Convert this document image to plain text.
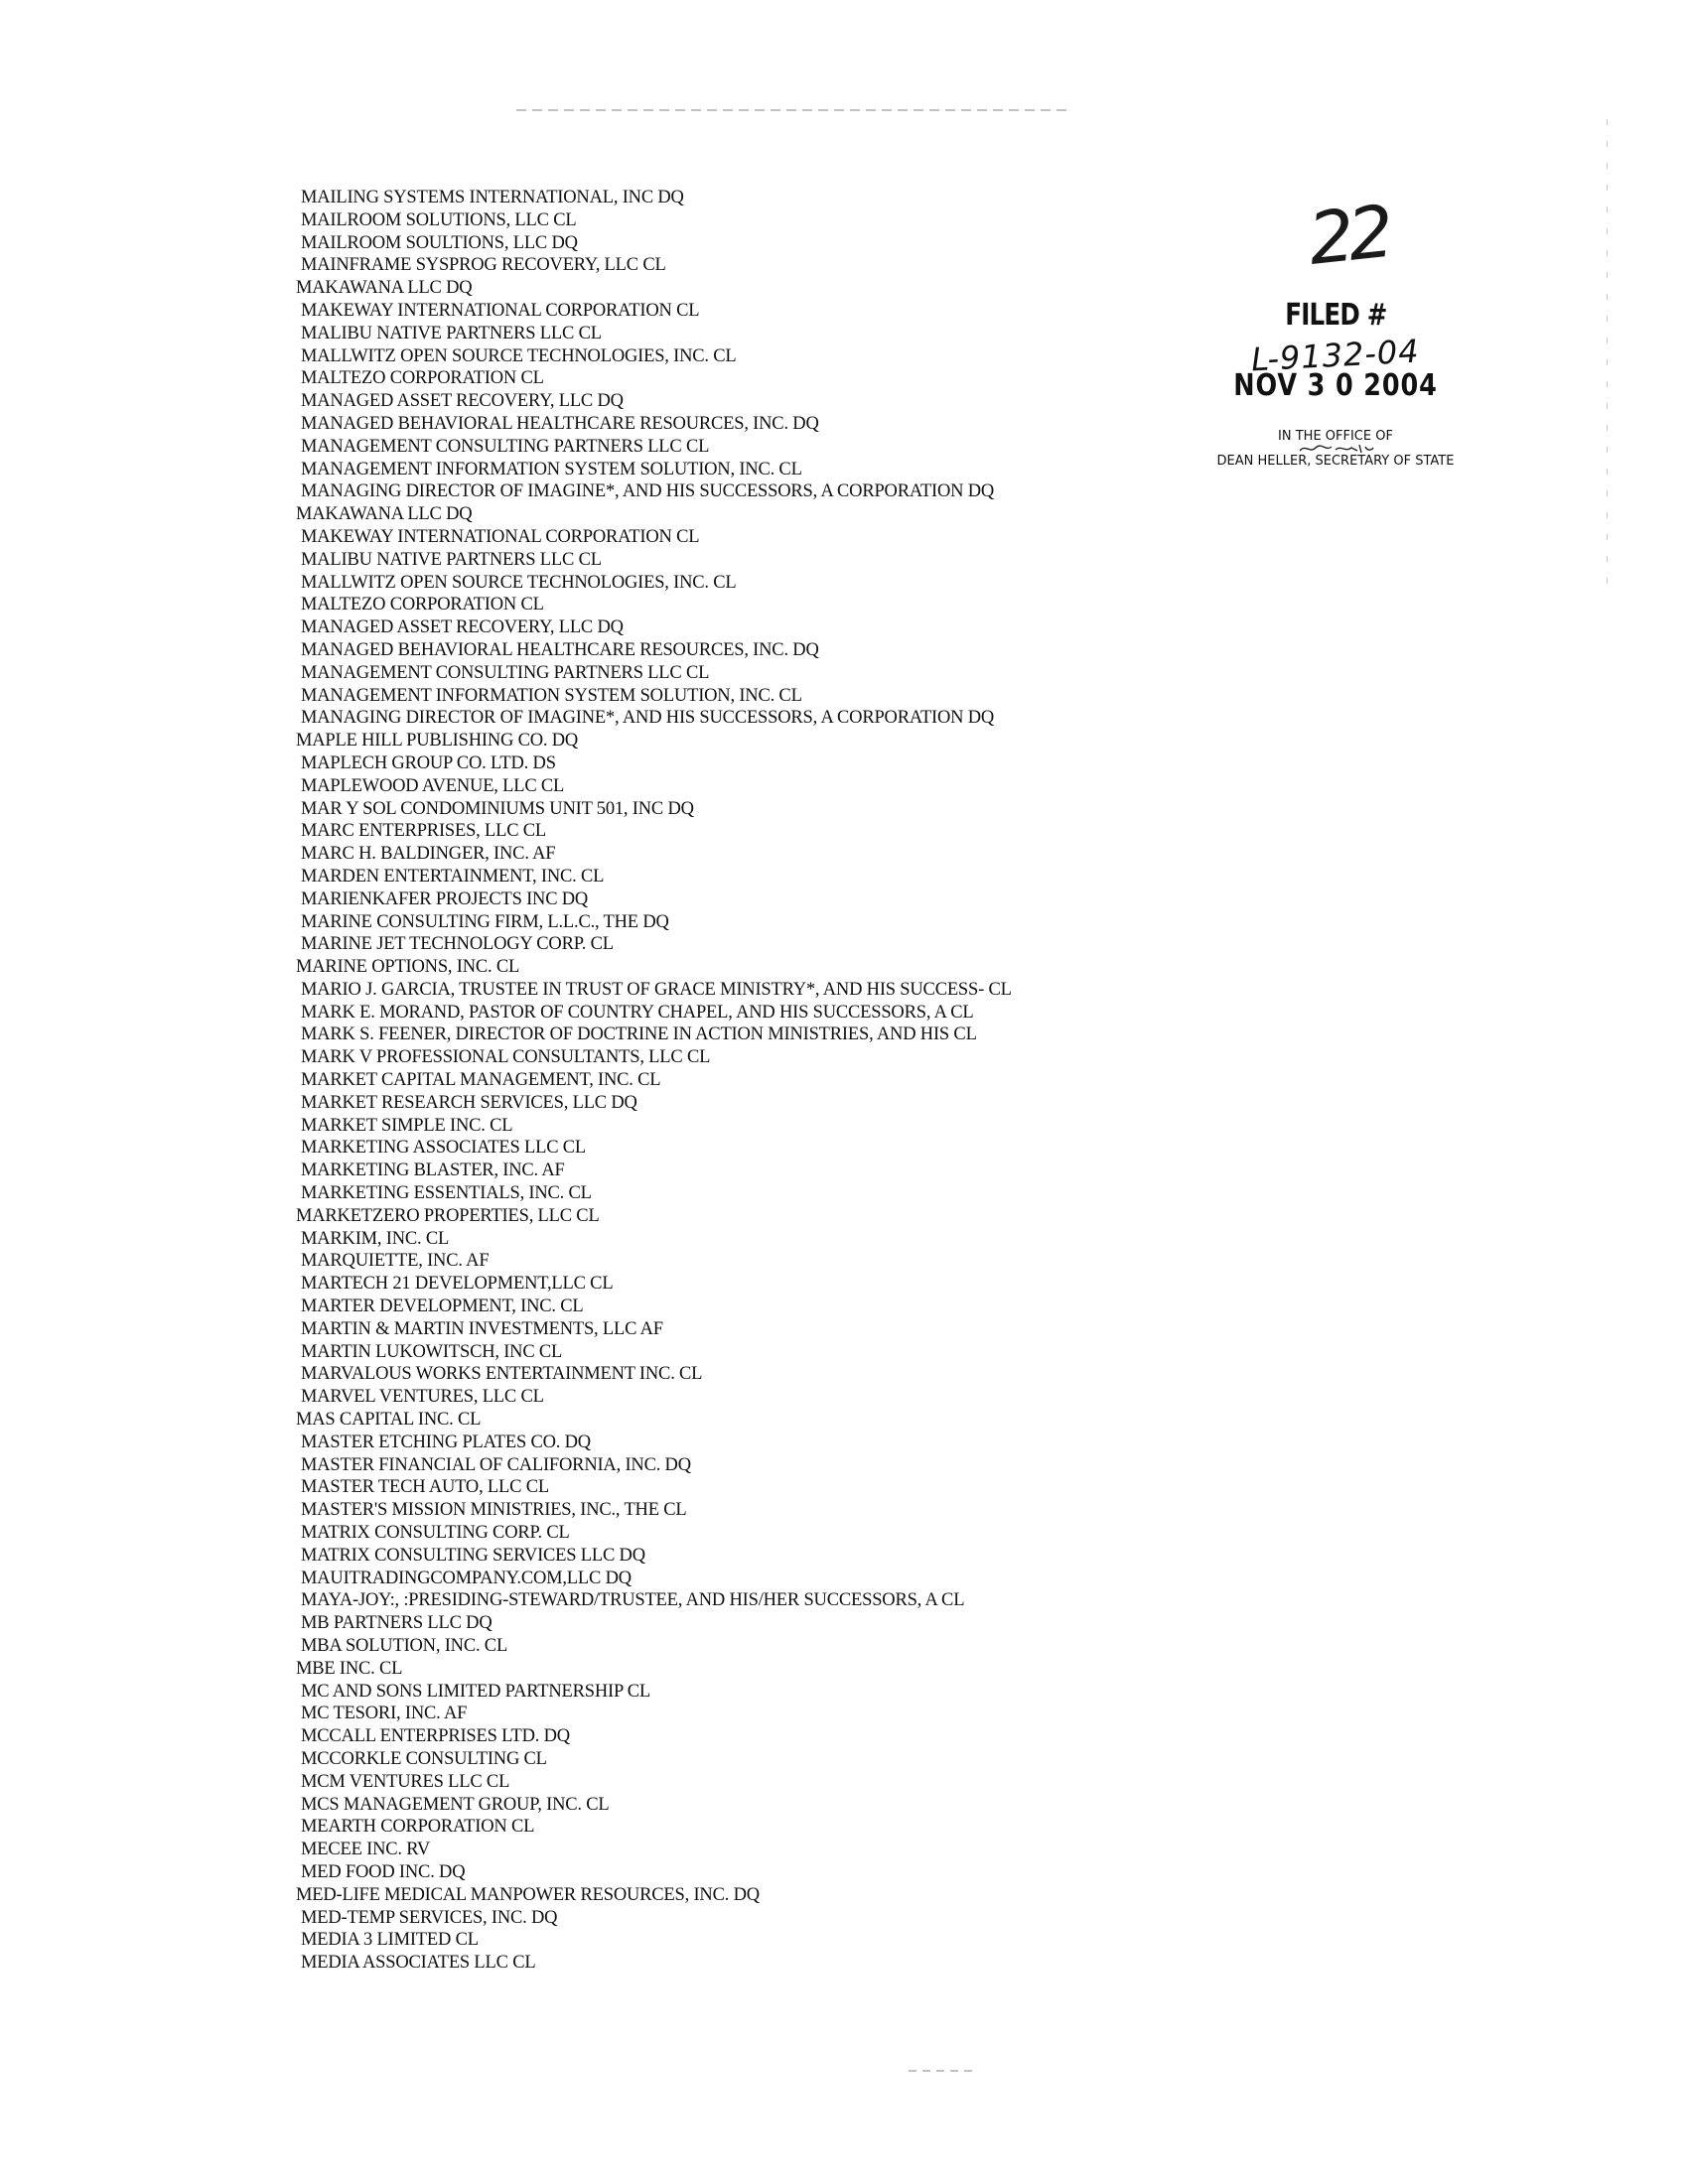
MAILING SYSTEMS INTERNATIONAL, INC DQ
MAILROOM SOLUTIONS, LLC CL
MAILROOM SOULTIONS, LLC DQ
MAINFRAME SYSPROG RECOVERY, LLC CL
MAKAWANA LLC DQ
MAKEWAY INTERNATIONAL CORPORATION CL
MALIBU NATIVE PARTNERS LLC CL
MALLWITZ OPEN SOURCE TECHNOLOGIES, INC. CL
MALTEZO CORPORATION CL
MANAGED ASSET RECOVERY, LLC DQ
MANAGED BEHAVIORAL HEALTHCARE RESOURCES, INC. DQ
MANAGEMENT CONSULTING PARTNERS LLC CL
MANAGEMENT INFORMATION SYSTEM SOLUTION, INC. CL
MANAGING DIRECTOR OF IMAGINE*, AND HIS SUCCESSORS, A CORPORATION DQ
MAKAWANA LLC DQ
MAKEWAY INTERNATIONAL CORPORATION CL
MALIBU NATIVE PARTNERS LLC CL
MALLWITZ OPEN SOURCE TECHNOLOGIES, INC. CL
MALTEZO CORPORATION CL
MANAGED ASSET RECOVERY, LLC DQ
MANAGED BEHAVIORAL HEALTHCARE RESOURCES, INC. DQ
MANAGEMENT CONSULTING PARTNERS LLC CL
MANAGEMENT INFORMATION SYSTEM SOLUTION, INC. CL
MANAGING DIRECTOR OF IMAGINE*, AND HIS SUCCESSORS, A CORPORATION DQ
MAPLE HILL PUBLISHING CO. DQ
MAPLECH GROUP CO. LTD. DS
MAPLEWOOD AVENUE, LLC CL
MAR Y SOL CONDOMINIUMS UNIT 501, INC DQ
MARC ENTERPRISES, LLC CL
MARC H. BALDINGER, INC. AF
MARDEN ENTERTAINMENT, INC. CL
MARIENKAFER PROJECTS INC DQ
MARINE CONSULTING FIRM, L.L.C., THE DQ
MARINE JET TECHNOLOGY CORP. CL
MARINE OPTIONS, INC. CL
MARIO J. GARCIA, TRUSTEE IN TRUST OF GRACE MINISTRY*, AND HIS SUCCESS- CL
MARK E. MORAND, PASTOR OF COUNTRY CHAPEL, AND HIS SUCCESSORS, A CL
MARK S. FEENER, DIRECTOR OF DOCTRINE IN ACTION MINISTRIES, AND HIS CL
MARK V PROFESSIONAL CONSULTANTS, LLC CL
MARKET CAPITAL MANAGEMENT, INC. CL
MARKET RESEARCH SERVICES, LLC DQ
MARKET SIMPLE INC. CL
MARKETING ASSOCIATES LLC CL
MARKETING BLASTER, INC. AF
MARKETING ESSENTIALS, INC. CL
MARKETZERO PROPERTIES, LLC CL
MARKIM, INC. CL
MARQUIETTE, INC. AF
MARTECH 21 DEVELOPMENT,LLC CL
MARTER DEVELOPMENT, INC. CL
MARTIN & MARTIN INVESTMENTS, LLC AF
MARTIN LUKOWITSCH, INC CL
MARVALOUS WORKS ENTERTAINMENT INC. CL
MARVEL VENTURES, LLC CL
MAS CAPITAL INC. CL
MASTER ETCHING PLATES CO. DQ
MASTER FINANCIAL OF CALIFORNIA, INC. DQ
MASTER TECH AUTO, LLC CL
MASTER'S MISSION MINISTRIES, INC., THE CL
MATRIX CONSULTING CORP. CL
MATRIX CONSULTING SERVICES LLC DQ
MAUITRADINGCOMPANY.COM,LLC DQ
MAYA-JOY:, :PRESIDING-STEWARD/TRUSTEE, AND HIS/HER SUCCESSORS, A CL
MB PARTNERS LLC DQ
MBA SOLUTION, INC. CL
MBE INC. CL
MC AND SONS LIMITED PARTNERSHIP CL
MC TESORI, INC. AF
MCCALL ENTERPRISES LTD. DQ
MCCORKLE CONSULTING CL
MCM VENTURES LLC CL
MCS MANAGEMENT GROUP, INC. CL
MEARTH CORPORATION CL
MECEE INC. RV
MED FOOD INC. DQ
MED-LIFE MEDICAL MANPOWER RESOURCES, INC. DQ
MED-TEMP SERVICES, INC. DQ
MEDIA 3 LIMITED CL
MEDIA ASSOCIATES LLC CL
22
FILED #
L-9132-04
NOV 3 0 2004
IN THE OFFICE OF
DEAN HELLER, SECRETARY OF STATE
